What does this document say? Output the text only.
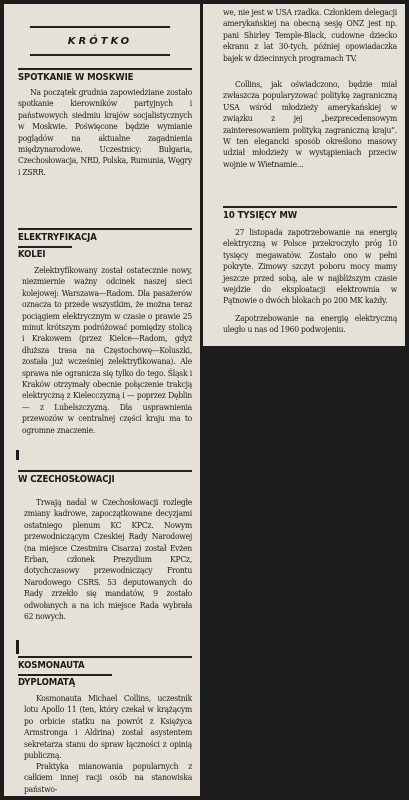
KRÓTKO
SPOTKANIE W MOSKWIE

Na początek grudnia zapowiedziane zostało spotkanie kierowników partyjnych i państwowych siedmiu krajów socjalistycznych w Moskwie. Poświęcone będzie wymianie poglądów na aktualne zagadnienia międzynarodowe. Uczestnicy: Bułgaria, Czechosłowacja, NRD, Polska, Rumunia, Węgry i ZSRR.

ELEKTRYFIKACJA
KOLEI

Zelektryfikowany został ostatecznie nowy, niezmiernie ważny odcinek naszej sieci kolejowej: Warszawa—Radom. Dla pasażerów oznacza to przede wszystkim, że można teraz pociągiem elektrycznym w czasie o prawie 25 minut krótszym podróżować pomiędzy stolicą i Krakowem (przez Kielce—Radom, gdyż dłuższa trasa na Częstochowę—Koluszki, została już wcześniej zelektryfikowana). Ale sprawa nie ogranicza się tylko do tego. Śląsk i Kraków otrzymały obecnie połączenie trakcją elektryczną z Kielecczyzną i — poprzez Dęblin — z Lubelszczyzną. Dla usprawnienia przewozów w centralnej części kraju ma to ogromne znaczenie.

W CZECHOSŁOWACJI

Trwają nadal w Czechosłowacji rozległe zmiany kadrowe, zapoczątkowane decyzjami ostatniego plenum KC KPCz. Nowym przewodniczącym Czeskiej Rady Narodowej (na miejsce Czestmira Cisarza) został Evżen Erban, członek Prezydium KPCz, dotychczasowy przewodniczący Frontu Narodowego CSRS. 53 deputowanych do Rady zrzekło się mandatów, 9 zostało odwołanych a na ich miejsce Rada wybrała 62 nowych.

KOSMONAUTA
DYPLOMATĄ

Kosmonauta Michael Collins, uczestnik lotu Apollo 11 (ten, który czekał w krążącym po orbicie statku na powrót z Księżyca Armstronga i Aldrina) został asystentem sekretarza stanu do spraw łączności z opinią publiczną.

Praktyka mianowania popularnych z całkiem innej racji osób na stanowiska państwo-

we, nie jest w USA rzadka. Członkiem delegacji amerykańskiej na obecną sesję ONZ jest np. pani Shirley Temple-Black, cudowne dziecko ekranu z lat 30-tych, później opowiadaczka bajek w dziecinnych programach TV.

Collins, jak oświadczono, będzie miał zwłaszcza popularyzować politykę zagraniczną USA wśród młodzieży amerykańskiej w związku z jej „bezprecedensowym zainteresowaniem polityką zagraniczną kraju”. W ten elegancki sposób określono masowy udział młodzieży w wystąpieniach przeciw wojnie w Wietnamie...

10 TYSIĘCY MW

27 listopada zapotrzebowanie na energię elektryczną w Polsce przekroczyło próg 10 tysięcy megawatów. Zostało ono w pełni pokryte. Zimowy szczyt poboru mocy mamy jeszcze przed sobą, ale w najbliższym czasie wejdzie do eksploatacji elektrownia w Pątnowie o dwóch blokach po 200 MK każdy.

Zapotrzebowanie na energię elektryczną uległo u nas od 1960 podwojeniu.
